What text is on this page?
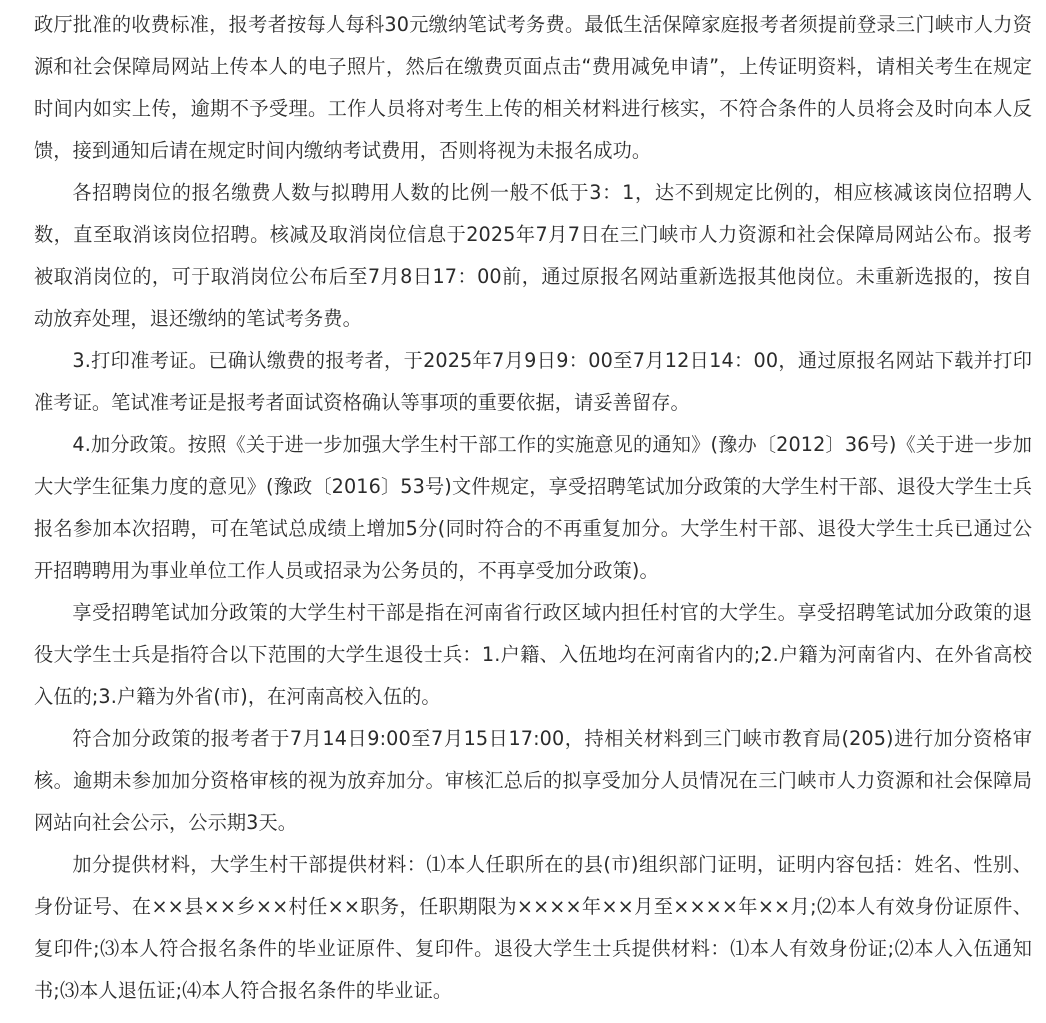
政厅批准的收费标准，报考者按每人每科30元缴纳笔试考务费。最低生活保障家庭报考者须提前登录三门峡市人力资源和社会保障局网站上传本人的电子照片，然后在缴费页面点击“费用减免申请”，上传证明资料，请相关考生在规定时间内如实上传，逾期不予受理。工作人员将对考生上传的相关材料进行核实，不符合条件的人员将会及时向本人反馈，接到通知后请在规定时间内缴纳考试费用，否则将视为未报名成功。

各招聘岗位的报名缴费人数与拟聘用人数的比例一般不低于3：1，达不到规定比例的，相应核减该岗位招聘人数，直至取消该岗位招聘。核减及取消岗位信息于2025年7月7日在三门峡市人力资源和社会保障局网站公布。报考被取消岗位的，可于取消岗位公布后至7月8日17：00前，通过原报名网站重新选报其他岗位。未重新选报的，按自动放弃处理，退还缴纳的笔试考务费。

3.打印准考证。已确认缴费的报考者，于2025年7月9日9：00至7月12日14：00，通过原报名网站下载并打印准考证。笔试准考证是报考者面试资格确认等事项的重要依据，请妥善留存。

4.加分政策。按照《关于进一步加强大学生村干部工作的实施意见的通知》(豫办〔2012〕36号)《关于进一步加大大学生征集力度的意见》(豫政〔2016〕53号)文件规定，享受招聘笔试加分政策的大学生村干部、退役大学生士兵报名参加本次招聘，可在笔试总成绩上增加5分(同时符合的不再重复加分。大学生村干部、退役大学生士兵已通过公开招聘聘用为事业单位工作人员或招录为公务员的，不再享受加分政策)。

享受招聘笔试加分政策的大学生村干部是指在河南省行政区域内担任村官的大学生。享受招聘笔试加分政策的退役大学生士兵是指符合以下范围的大学生退役士兵：1.户籍、入伍地均在河南省内的;2.户籍为河南省内、在外省高校入伍的;3.户籍为外省(市)，在河南高校入伍的。

符合加分政策的报考者于7月14日9:00至7月15日17:00，持相关材料到三门峡市教育局(205)进行加分资格审核。逾期未参加加分资格审核的视为放弃加分。审核汇总后的拟享受加分人员情况在三门峡市人力资源和社会保障局网站向社会公示，公示期3天。

加分提供材料，大学生村干部提供材料：⑴本人任职所在的县(市)组织部门证明，证明内容包括：姓名、性别、身份证号、在××县××乡××村任××职务，任职期限为××××年××月至××××年××月;⑵本人有效身份证原件、复印件;⑶本人符合报名条件的毕业证原件、复印件。退役大学生士兵提供材料：⑴本人有效身份证;⑵本人入伍通知书;⑶本人退伍证;⑷本人符合报名条件的毕业证。
